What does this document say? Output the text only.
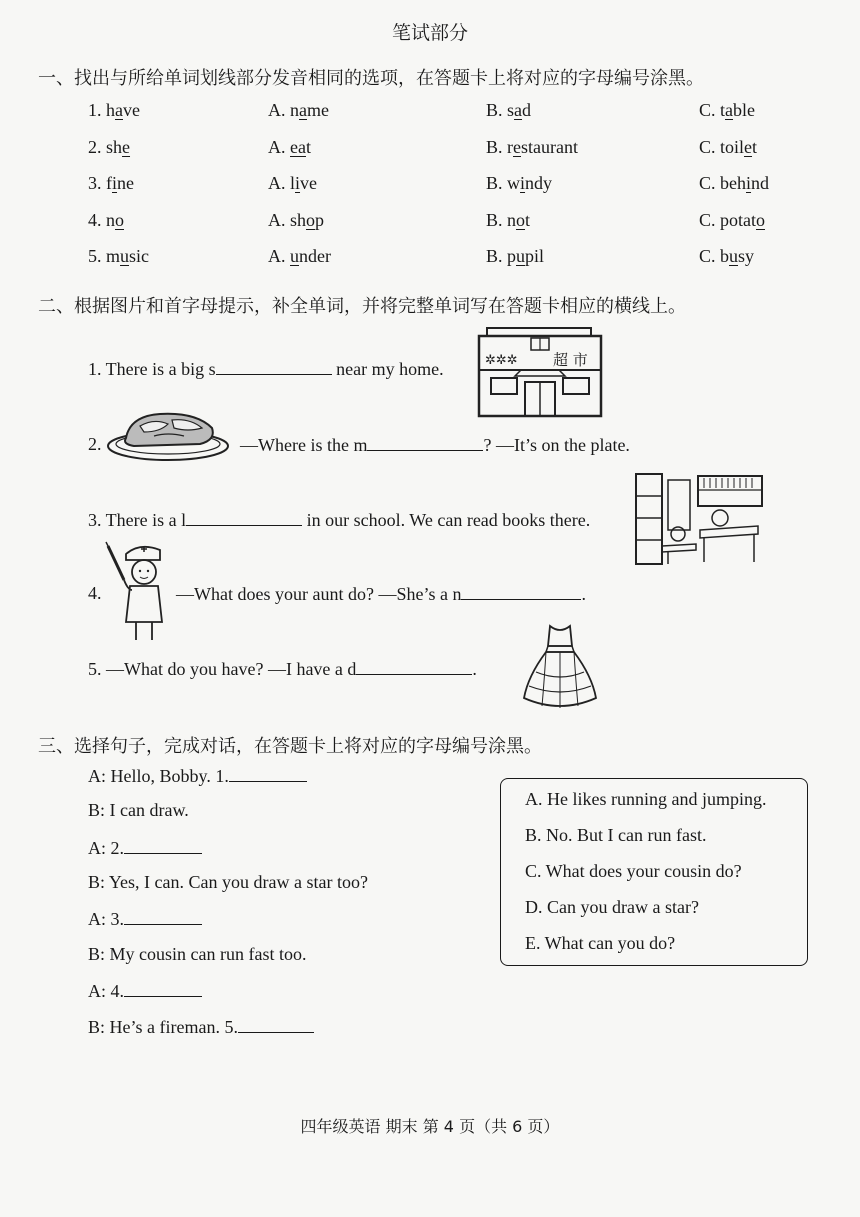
笔试部分
一、找出与所给单词划线部分发音相同的选项，在答题卡上将对应的字母编号涂黑。
1. have	A. name	B. sad	C. table
2. she	A. eat	B. restaurant	C. toilet
3. fine	A. live	B. windy	C. behind
4. no	A. shop	B. not	C. potato
5. music	A. under	B. pupil	C. busy
二、根据图片和首字母提示，补全单词，并将完整单词写在答题卡相应的横线上。
1. There is a big s	near my home.	✲✲✲ 超 市
2.	—Where is the m	? —It’s on the plate.
3. There is a l	in our school. We can read books there.
4.	—What does your aunt do? —She’s a n	.
5. —What do you have? —I have a d	.
三、选择句子，完成对话，在答题卡上将对应的字母编号涂黑。
A: Hello, Bobby. 1.
B: I can draw.
A: 2.
B: Yes, I can. Can you draw a star too?
A: 3.
B: My cousin can run fast too.
A: 4.
B: He’s a fireman. 5.
A. He likes running and jumping.
B. No. But I can run fast.
C. What does your cousin do?
D. Can you draw a star?
E. What can you do?
四年级英语 期末 第 4 页（共 6 页）
